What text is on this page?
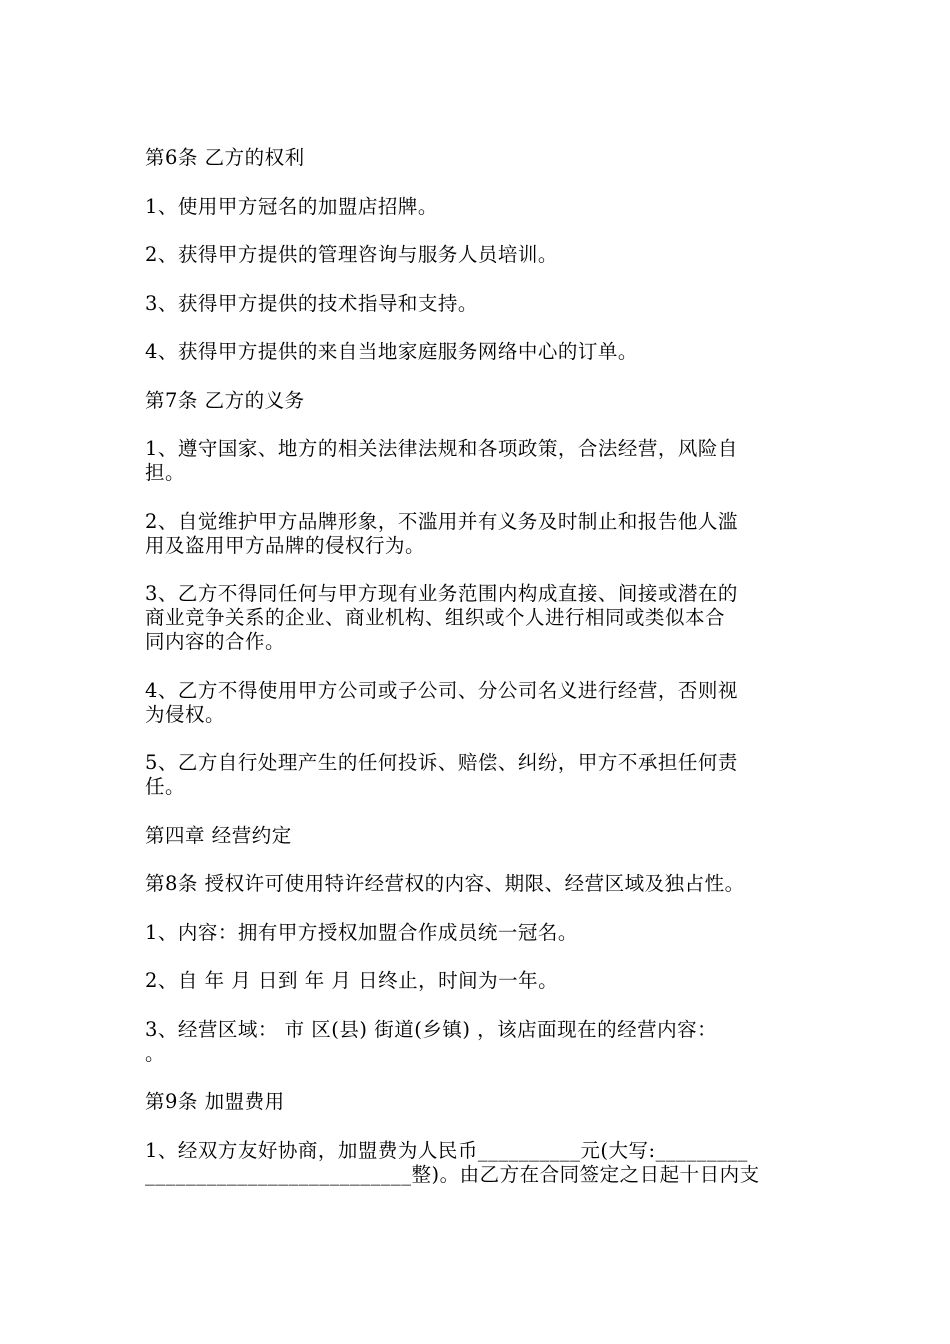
第6条 乙方的权利
1、使用甲方冠名的加盟店招牌。
2、获得甲方提供的管理咨询与服务人员培训。
3、获得甲方提供的技术指导和支持。
4、获得甲方提供的来自当地家庭服务网络中心的订单。
第7条 乙方的义务
1、遵守国家、地方的相关法律法规和各项政策，合法经营，风险自
担。
2、自觉维护甲方品牌形象，不滥用并有义务及时制止和报告他人滥
用及盗用甲方品牌的侵权行为。
3、乙方不得同任何与甲方现有业务范围内构成直接、间接或潜在的
商业竞争关系的企业、商业机构、组织或个人进行相同或类似本合
同内容的合作。
4、乙方不得使用甲方公司或子公司、分公司名义进行经营，否则视
为侵权。
5、乙方自行处理产生的任何投诉、赔偿、纠纷，甲方不承担任何责
任。
第四章 经营约定
第8条 授权许可使用特许经营权的内容、期限、经营区域及独占性。
1、内容：拥有甲方授权加盟合作成员统一冠名。
2、自 年 月 日到 年 月 日终止，时间为一年。
3、经营区域： 市 区(县) 街道(乡镇) ，该店面现在的经营内容：
。
第9条 加盟费用
1、经双方友好协商，加盟费为人民币__________元(大写:_________
__________________________整)。由乙方在合同签定之日起十日内支
